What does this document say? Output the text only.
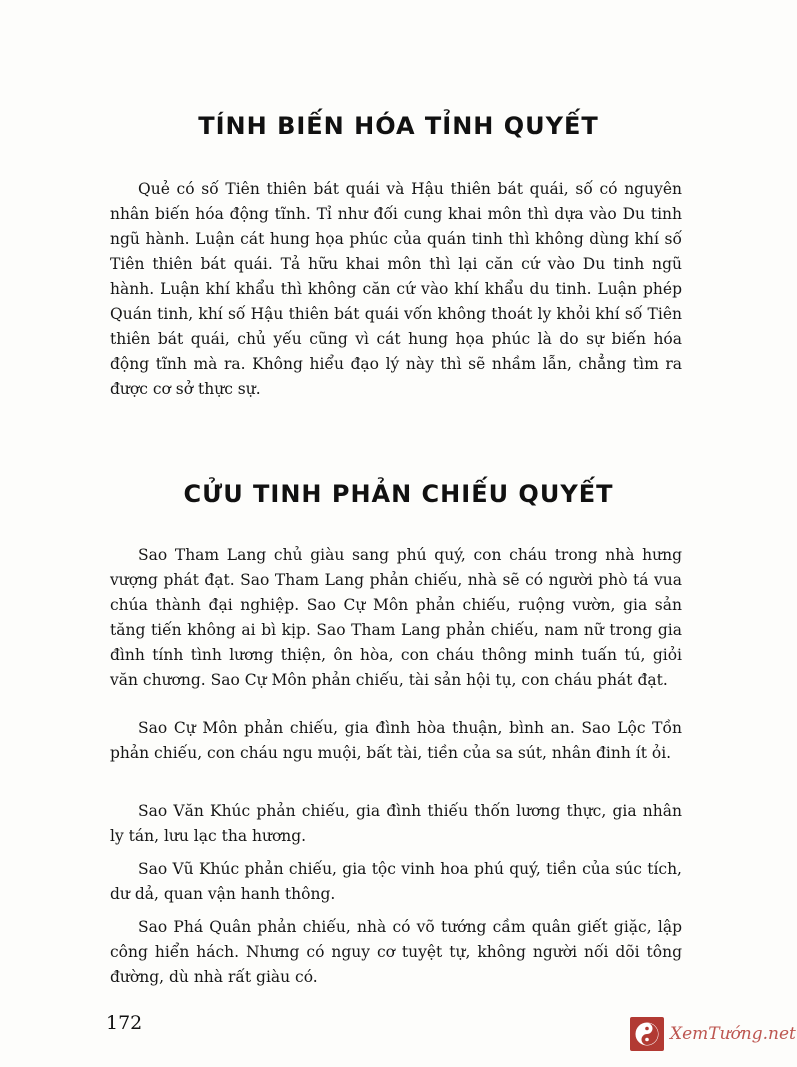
TÍNH BIẾN HÓA TỈNH QUYẾT

Quẻ có số Tiên thiên bát quái và Hậu thiên bát quái, số có nguyên nhân biến hóa động tĩnh. Tỉ như đối cung khai môn thì dựa vào Du tinh ngũ hành. Luận cát hung họa phúc của quán tinh thì không dùng khí số Tiên thiên bát quái. Tả hữu khai môn thì lại căn cứ vào Du tinh ngũ hành. Luận khí khẩu thì không căn cứ vào khí khẩu du tinh. Luận phép Quán tinh, khí số Hậu thiên bát quái vốn không thoát ly khỏi khí số Tiên thiên bát quái, chủ yếu cũng vì cát hung họa phúc là do sự biến hóa động tĩnh mà ra. Không hiểu đạo lý này thì sẽ nhầm lẫn, chẳng tìm ra được cơ sở thực sự.

CỬU TINH PHẢN CHIẾU QUYẾT

Sao Tham Lang chủ giàu sang phú quý, con cháu trong nhà hưng vượng phát đạt. Sao Tham Lang phản chiếu, nhà sẽ có người phò tá vua chúa thành đại nghiệp. Sao Cự Môn phản chiếu, ruộng vườn, gia sản tăng tiến không ai bì kịp. Sao Tham Lang phản chiếu, nam nữ trong gia đình tính tình lương thiện, ôn hòa, con cháu thông minh tuấn tú, giỏi văn chương. Sao Cự Môn phản chiếu, tài sản hội tụ, con cháu phát đạt.

Sao Cự Môn phản chiếu, gia đình hòa thuận, bình an. Sao Lộc Tồn phản chiếu, con cháu ngu muội, bất tài, tiền của sa sút, nhân đinh ít ỏi.

Sao Văn Khúc phản chiếu, gia đình thiếu thốn lương thực, gia nhân ly tán, lưu lạc tha hương.

Sao Vũ Khúc phản chiếu, gia tộc vinh hoa phú quý, tiền của súc tích, dư dả, quan vận hanh thông.

Sao Phá Quân phản chiếu, nhà có võ tướng cầm quân giết giặc, lập công hiển hách. Nhưng có nguy cơ tuyệt tự, không người nối dõi tông đường, dù nhà rất giàu có.

172	XemTướng.net
